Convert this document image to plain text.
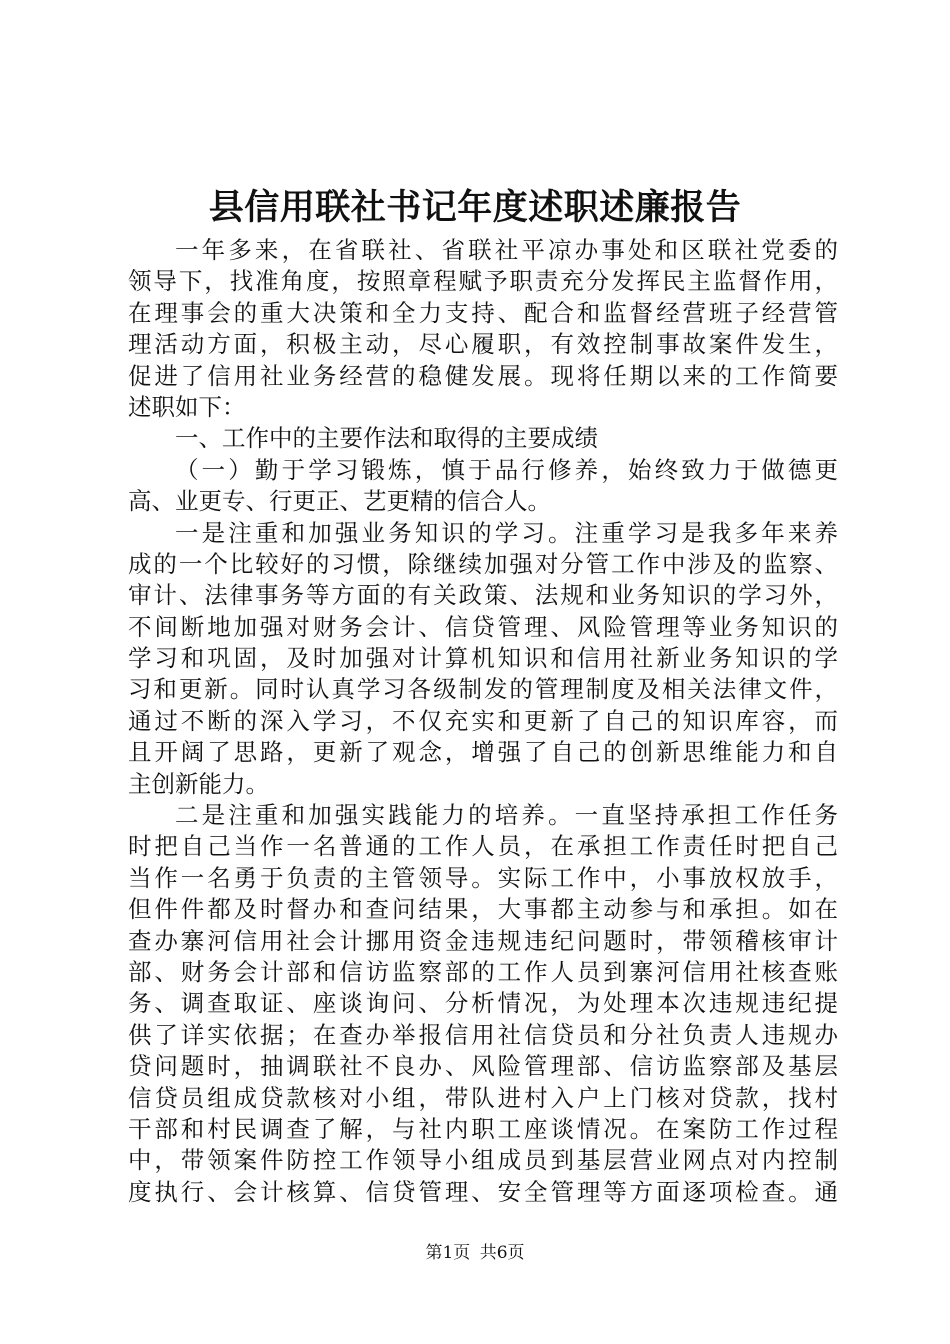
县信用联社书记年度述职述廉报告
一年多来，在省联社、省联社平凉办事处和区联社党委的
领导下，找准角度，按照章程赋予职责充分发挥民主监督作用，
在理事会的重大决策和全力支持、配合和监督经营班子经营管
理活动方面，积极主动，尽心履职，有效控制事故案件发生，
促进了信用社业务经营的稳健发展。现将任期以来的工作简要
述职如下：
一、工作中的主要作法和取得的主要成绩
（一）勤于学习锻炼，慎于品行修养，始终致力于做德更
高、业更专、行更正、艺更精的信合人。
一是注重和加强业务知识的学习。注重学习是我多年来养
成的一个比较好的习惯，除继续加强对分管工作中涉及的监察、
审计、法律事务等方面的有关政策、法规和业务知识的学习外，
不间断地加强对财务会计、信贷管理、风险管理等业务知识的
学习和巩固，及时加强对计算机知识和信用社新业务知识的学
习和更新。同时认真学习各级制发的管理制度及相关法律文件，
通过不断的深入学习，不仅充实和更新了自己的知识库容，而
且开阔了思路，更新了观念，增强了自己的创新思维能力和自
主创新能力。
二是注重和加强实践能力的培养。一直坚持承担工作任务
时把自己当作一名普通的工作人员，在承担工作责任时把自己
当作一名勇于负责的主管领导。实际工作中，小事放权放手，
但件件都及时督办和查问结果，大事都主动参与和承担。如在
查办寨河信用社会计挪用资金违规违纪问题时，带领稽核审计
部、财务会计部和信访监察部的工作人员到寨河信用社核查账
务、调查取证、座谈询问、分析情况，为处理本次违规违纪提
供了详实依据；在查办举报信用社信贷员和分社负责人违规办
贷问题时，抽调联社不良办、风险管理部、信访监察部及基层
信贷员组成贷款核对小组，带队进村入户上门核对贷款，找村
干部和村民调查了解，与社内职工座谈情况。在案防工作过程
中，带领案件防控工作领导小组成员到基层营业网点对内控制
度执行、会计核算、信贷管理、安全管理等方面逐项检查。通
第1页 共6页
